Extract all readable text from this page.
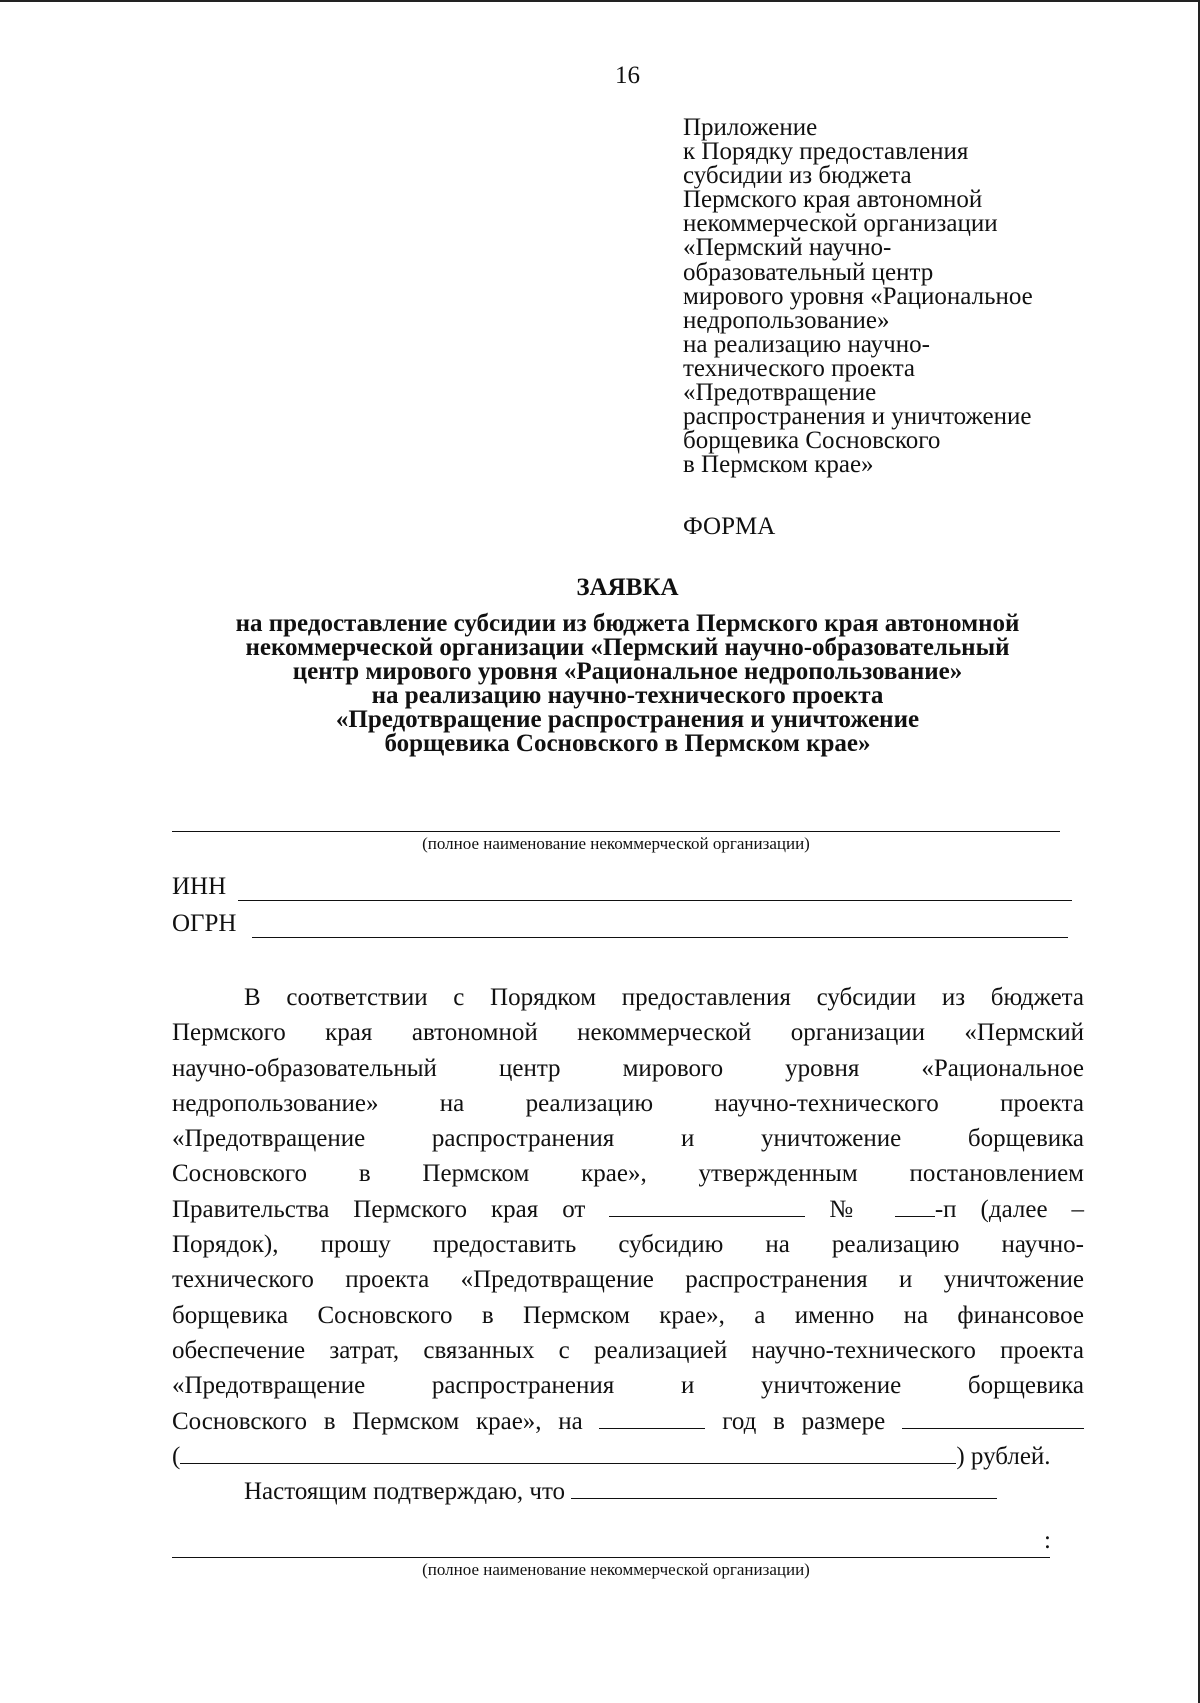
16
Приложение
к Порядку предоставления
субсидии из бюджета
Пермского края автономной
некоммерческой организации
«Пермский научно-
образовательный центр
мирового уровня «Рациональное
недропользование»
на реализацию научно-
технического проекта
«Предотвращение
распространения и уничтожение
борщевика Сосновского
в Пермском крае»
ФОРМА
ЗАЯВКА
на предоставление субсидии из бюджета Пермского края автономной
некоммерческой организации «Пермский научно-образовательный
центр мирового уровня «Рациональное недропользование»
на реализацию научно-технического проекта
«Предотвращение распространения и уничтожение
борщевика Сосновского в Пермском крае»
(полное наименование некоммерческой организации)
ИНН
ОГРН
В соответствии с Порядком предоставления субсидии из бюджета
Пермского края автономной некоммерческой организации «Пермский
научно-образовательный центр мирового уровня «Рациональное
недропользование» на реализацию научно-технического проекта
«Предотвращение распространения и уничтожение борщевика
Сосновского в Пермском крае», утвержденным постановлением
Правительства Пермского края от	№	-п (далее –
Порядок), прошу предоставить субсидию на реализацию научно-
технического проекта «Предотвращение распространения и уничтожение
борщевика Сосновского в Пермском крае», а именно на финансовое
обеспечение затрат, связанных с реализацией научно-технического проекта
«Предотвращение распространения и уничтожение борщевика
Сосновского в Пермском крае», на	год в размере
(	) рублей.
Настоящим подтверждаю, что
:
(полное наименование некоммерческой организации)
